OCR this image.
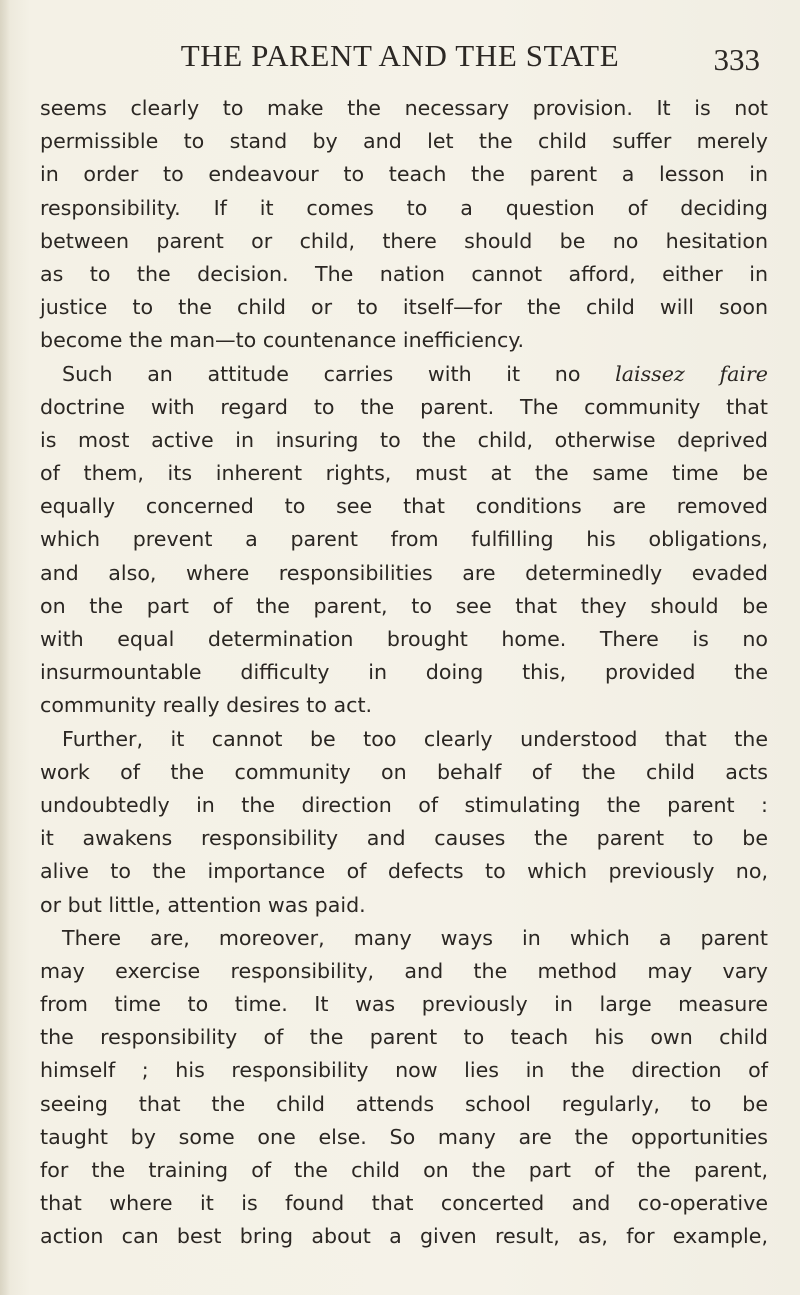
THE PARENT AND THE STATE	333
seems clearly to make the necessary provision. It is not
permissible to stand by and let the child suffer merely
in order to endeavour to teach the parent a lesson in
responsibility. If it comes to a question of deciding
between parent or child, there should be no hesitation
as to the decision. The nation cannot afford, either in
justice to the child or to itself—for the child will soon
become the man—to countenance inefficiency.
Such an attitude carries with it no laissez faire
doctrine with regard to the parent. The community that
is most active in insuring to the child, otherwise deprived
of them, its inherent rights, must at the same time be
equally concerned to see that conditions are removed
which prevent a parent from fulfilling his obligations,
and also, where responsibilities are determinedly evaded
on the part of the parent, to see that they should be
with equal determination brought home. There is no
insurmountable difficulty in doing this, provided the
community really desires to act.
Further, it cannot be too clearly understood that the
work of the community on behalf of the child acts
undoubtedly in the direction of stimulating the parent :
it awakens responsibility and causes the parent to be
alive to the importance of defects to which previously no,
or but little, attention was paid.
There are, moreover, many ways in which a parent
may exercise responsibility, and the method may vary
from time to time. It was previously in large measure
the responsibility of the parent to teach his own child
himself ; his responsibility now lies in the direction of
seeing that the child attends school regularly, to be
taught by some one else. So many are the opportunities
for the training of the child on the part of the parent,
that where it is found that concerted and co-operative
action can best bring about a given result, as, for example,
